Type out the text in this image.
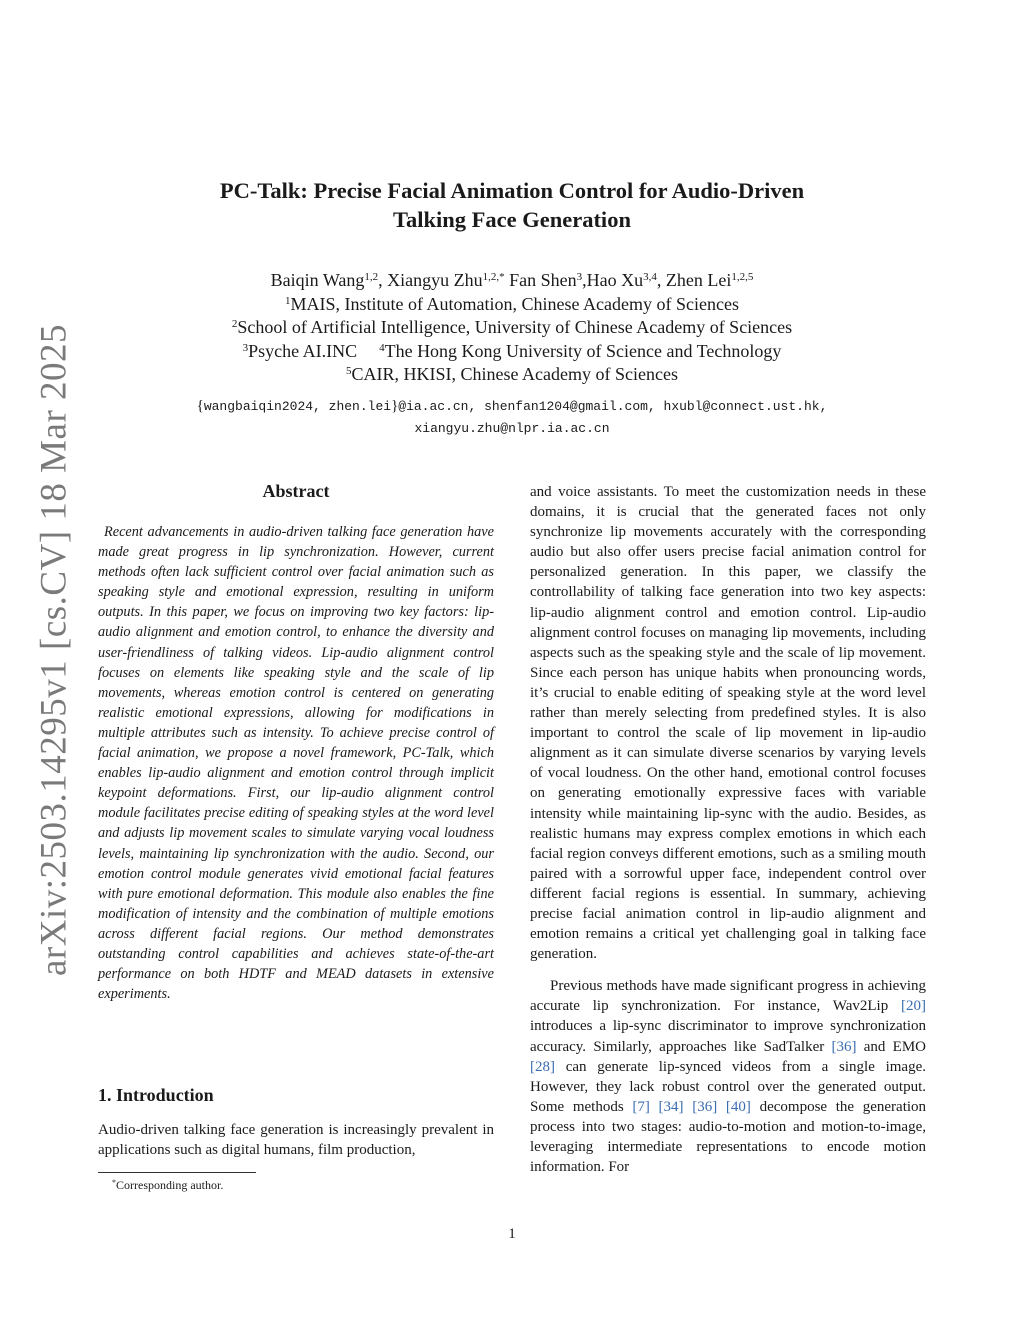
arXiv:2503.14295v1 [cs.CV] 18 Mar 2025
PC-Talk: Precise Facial Animation Control for Audio-Driven
Talking Face Generation
Baiqin Wang$^{1,2}$, Xiangyu Zhu$^{1,2,*}$ Fan Shen$^3$,Hao Xu$^{3,4}$, Zhen Lei$^{1,2,5}$
$^1$MAIS, Institute of Automation, Chinese Academy of Sciences
$^2$School of Artificial Intelligence, University of Chinese Academy of Sciences
$^3$Psyche AI.INC $^4$The Hong Kong University of Science and Technology
$^5$CAIR, HKISI, Chinese Academy of Sciences
{wangbaiqin2024, zhen.lei}@ia.ac.cn, shenfan1204@gmail.com, hxubl@connect.ust.hk,
xiangyu.zhu@nlpr.ia.ac.cn
Abstract
Recent advancements in audio-driven talking face generation have made great progress in lip synchronization. However, current methods often lack sufficient control over facial animation such as speaking style and emotional expression, resulting in uniform outputs. In this paper, we focus on improving two key factors: lip-audio alignment and emotion control, to enhance the diversity and user-friendliness of talking videos. Lip-audio alignment control focuses on elements like speaking style and the scale of lip movements, whereas emotion control is centered on generating realistic emotional expressions, allowing for modifications in multiple attributes such as intensity. To achieve precise control of facial animation, we propose a novel framework, PC-Talk, which enables lip-audio alignment and emotion control through implicit keypoint deformations. First, our lip-audio alignment control module facilitates precise editing of speaking styles at the word level and adjusts lip movement scales to simulate varying vocal loudness levels, maintaining lip synchronization with the audio. Second, our emotion control module generates vivid emotional facial features with pure emotional deformation. This module also enables the fine modification of intensity and the combination of multiple emotions across different facial regions. Our method demonstrates outstanding control capabilities and achieves state-of-the-art performance on both HDTF and MEAD datasets in extensive experiments.
1. Introduction
Audio-driven talking face generation is increasingly prevalent in applications such as digital humans, film production,
*Corresponding author.

and voice assistants. To meet the customization needs in these domains, it is crucial that the generated faces not only synchronize lip movements accurately with the corresponding audio but also offer users precise facial animation control for personalized generation. In this paper, we classify the controllability of talking face generation into two key aspects: lip-audio alignment control and emotion control. Lip-audio alignment control focuses on managing lip movements, including aspects such as the speaking style and the scale of lip movement. Since each person has unique habits when pronouncing words, it’s crucial to enable editing of speaking style at the word level rather than merely selecting from predefined styles. It is also important to control the scale of lip movement in lip-audio alignment as it can simulate diverse scenarios by varying levels of vocal loudness. On the other hand, emotional control focuses on generating emotionally expressive faces with variable intensity while maintaining lip-sync with the audio. Besides, as realistic humans may express complex emotions in which each facial region conveys different emotions, such as a smiling mouth paired with a sorrowful upper face, independent control over different facial regions is essential. In summary, achieving precise facial animation control in lip-audio alignment and emotion remains a critical yet challenging goal in talking face generation.

Previous methods have made significant progress in achieving accurate lip synchronization. For instance, Wav2Lip [20] introduces a lip-sync discriminator to improve synchronization accuracy. Similarly, approaches like SadTalker [36] and EMO [28] can generate lip-synced videos from a single image. However, they lack robust control over the generated output. Some methods [7] [34] [36] [40] decompose the generation process into two stages: audio-to-motion and motion-to-image, leveraging intermediate representations to encode motion information. For

1
